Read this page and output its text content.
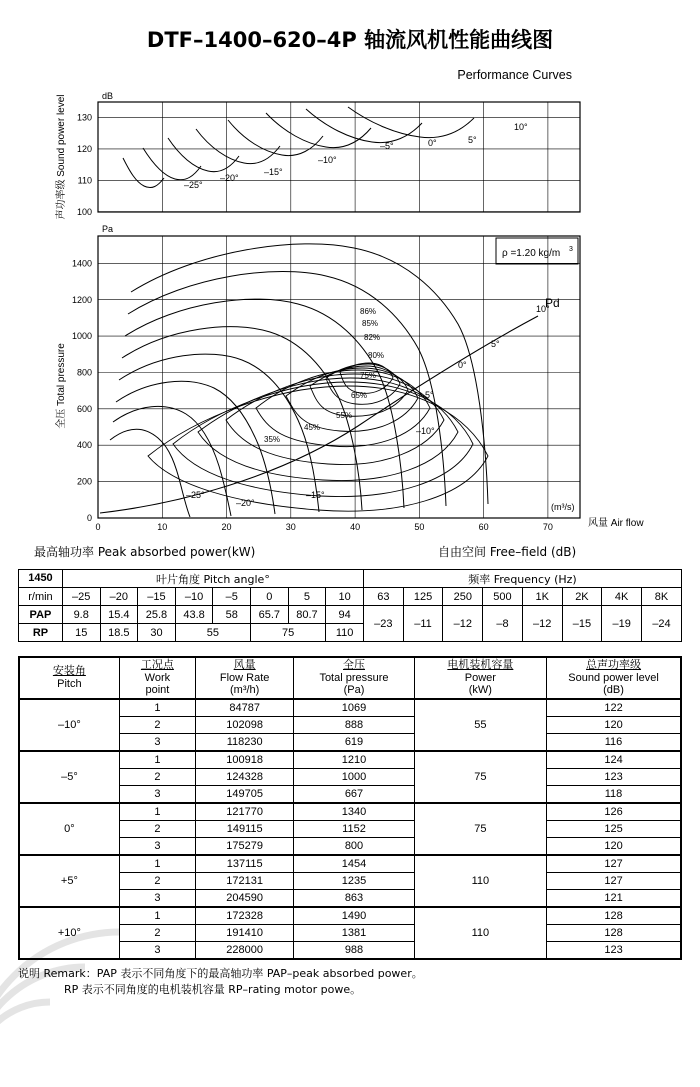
DTF–1400–620–4P 轴流风机性能曲线图
Performance Curves
100
110
120
130
dB
声功率级 Sound power level	–25°
–20°
–15°
–10°
–5°	0°	5°
10°
0
200
400
600
800
1000
1200
1400
Pa
0	10	20	30	40	50	60	70
全压 Total pressure
风量 Air flow
(m³/s)
ρ =1.20 kg/m 3
Pd
35%
45%
55%
65%
75%
80%
82%
85%
86%
–25°
–20°
–15°
–10°
–5°
0°
5°
10°
最高轴功率 Peak absorbed power(kW)	自由空间 Free–field (dB)
1450	叶片角度 Pitch angle°								频率 Frequency (Hz)							
r/min	–25	–20	–15	–10	–5	0	5	10	63	125	250	500	1K	2K	4K	8K
PAP	9.8	15.4	25.8	43.8	58	65.7	80.7	94	–23	–11	–12	–8	–12	–15	–19	–24
RP	15	18.5	30	55		75		110								
安装角
Pitch

工况点
Work
point

风量
Flow Rate
(m³/h)

全压
Total pressure
(Pa)

电机装机容量
Power
(kW)

总声功率级
Sound power level
(dB)

–10°	1	84787	1069	55	122
	2	102098	888		120
	3	118230	619		116
–5°	1	100918	1210	75	124
	2	124328	1000		123
	3	149705	667		118
0°	1	121770	1340	75	126
	2	149115	1152		125
	3	175279	800		120
+5°	1	137115	1454	110	127
	2	172131	1235		127
	3	204590	863		121
+10°	1	172328	1490	110	128
	2	191410	1381		128
	3	228000	988		123
说明 Remark：PAP 表示不同角度下的最高轴功率 PAP–peak absorbed power。
RP 表示不同角度的电机装机容量 RP–rating motor powe。
